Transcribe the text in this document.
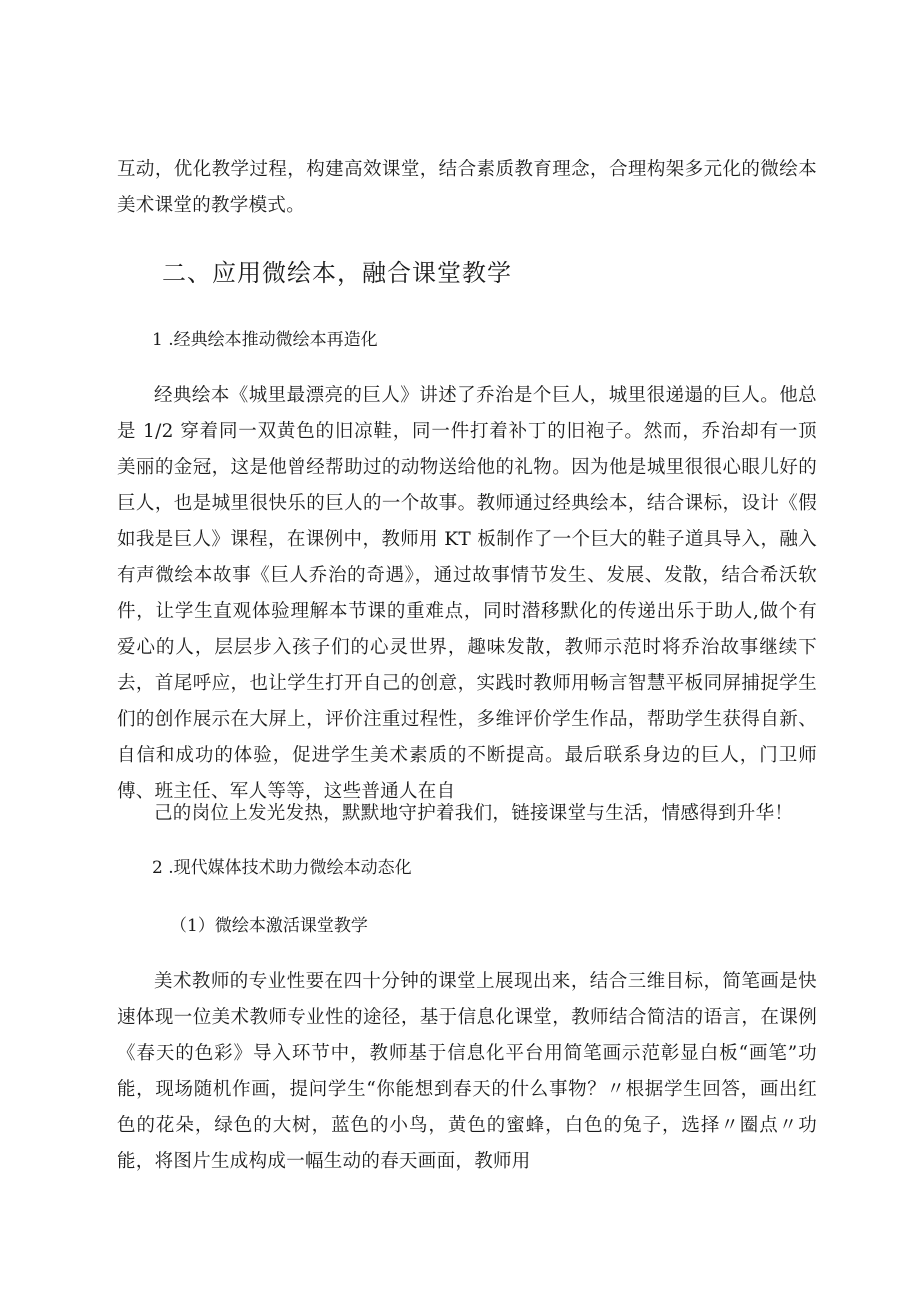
互动，优化教学过程，构建高效课堂，结合素质教育理念，合理构架多元化的微绘本美术课堂的教学模式。

二、应用微绘本，融合课堂教学
1 .经典绘本推动微绘本再造化

经典绘本《城里最漂亮的巨人》讲述了乔治是个巨人，城里很递遢的巨人。他总是 1/2 穿着同一双黄色的旧凉鞋，同一件打着补丁的旧袍子。然而，乔治却有一顶美丽的金冠，这是他曾经帮助过的动物送给他的礼物。因为他是城里很很心眼儿好的巨人，也是城里很快乐的巨人的一个故事。教师通过经典绘本，结合课标，设计《假如我是巨人》课程，在课例中，教师用 KT 板制作了一个巨大的鞋子道具导入，融入有声微绘本故事《巨人乔治的奇遇》，通过故事情节发生、发展、发散，结合希沃软件，让学生直观体验理解本节课的重难点，同时潜移默化的传递出乐于助人,做个有爱心的人，层层步入孩子们的心灵世界，趣味发散，教师示范时将乔治故事继续下去，首尾呼应，也让学生打开自己的创意，实践时教师用畅言智慧平板同屏捕捉学生们的创作展示在大屏上，评价注重过程性，多维评价学生作品，帮助学生获得自新、自信和成功的体验，促进学生美术素质的不断提高。最后联系身边的巨人，门卫师傅、班主任、军人等等，这些普通人在自

己的岗位上发光发热，默默地守护着我们，链接课堂与生活，情感得到升华！

2 .现代媒体技术助力微绘本动态化
（1）微绘本激活课堂教学

美术教师的专业性要在四十分钟的课堂上展现出来，结合三维目标，简笔画是快速体现一位美术教师专业性的途径，基于信息化课堂，教师结合简洁的语言，在课例《春天的色彩》导入环节中，教师基于信息化平台用简笔画示范彰显白板“画笔”功能，现场随机作画，提问学生“你能想到春天的什么事物？〃根据学生回答，画出红色的花朵，绿色的大树，蓝色的小鸟，黄色的蜜蜂，白色的兔子，选择〃圈点〃功能，将图片生成构成一幅生动的春天画面，教师用
